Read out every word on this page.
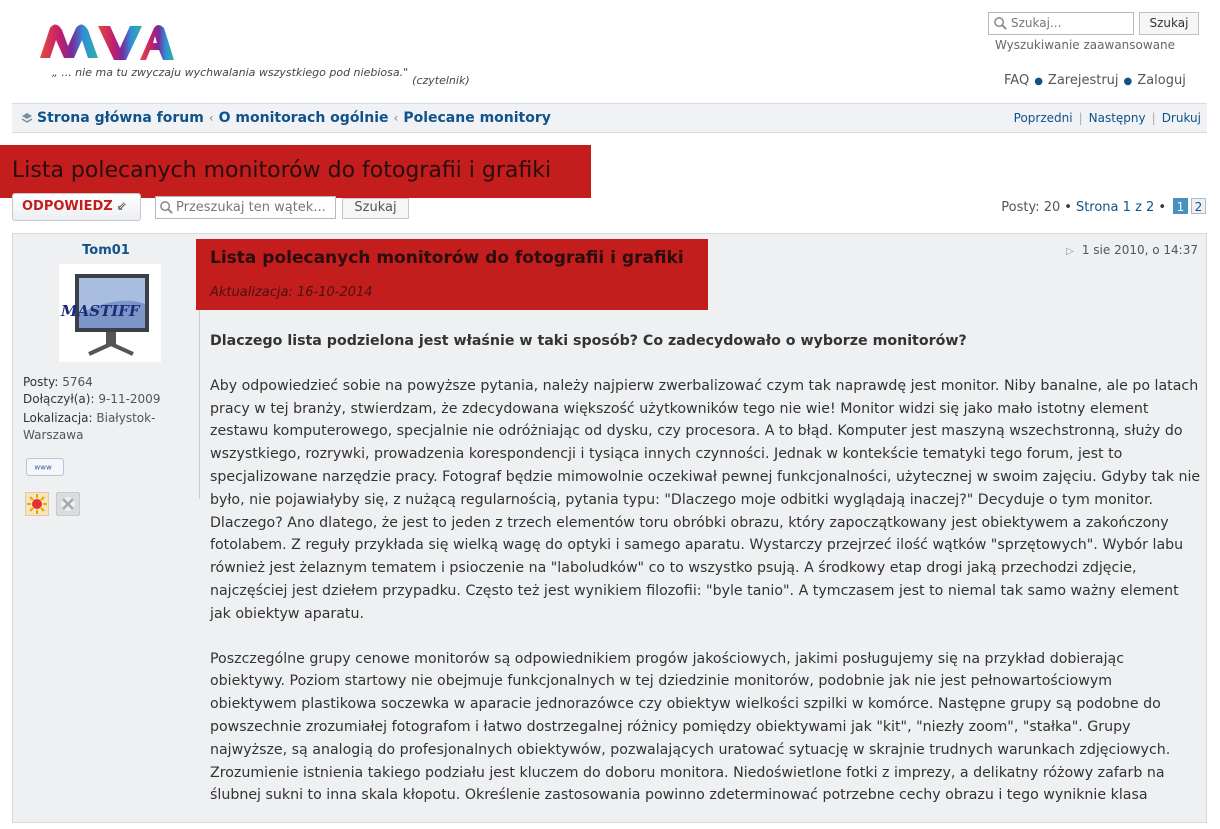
„ ... nie ma tu zwyczaju wychwalania wszystkiego pod niebiosa."(czytelnik)
Szukaj...	Szukaj
Wyszukiwanie zaawansowane
FAQ ● Zarejestruj ● Zaloguj
Strona główna forum ‹ O monitorach ogólnie ‹ Polecane monitory	Poprzedni | Następny | Drukuj
Lista polecanych monitorów do fotografii i grafiki
ODPOWIEDZ ⇙	Przeszukaj ten wątek...	Szukaj	Posty: 20 • Strona 1 z 2 • 1 2
Tom01
MASTIFF
Posty: 5764
Dołączył(a): 9-11-2009
Lokalizacja: Białystok-
Warszawa
www

Lista polecanych monitorów do fotografii i grafiki
Aktualizacja: 16-10-2014
▷ 1 sie 2010, o 14:37
Dlaczego lista podzielona jest właśnie w taki sposób? Co zadecydowało o wyborze monitorów?

Aby odpowiedzieć sobie na powyższe pytania, należy najpierw zwerbalizować czym tak naprawdę jest monitor. Niby banalne, ale po latach pracy w tej branży, stwierdzam, że zdecydowana większość użytkowników tego nie wie! Monitor widzi się jako mało istotny element zestawu komputerowego, specjalnie nie odróżniając od dysku, czy procesora. A to błąd. Komputer jest maszyną wszechstronną, służy do wszystkiego, rozrywki, prowadzenia korespondencji i tysiąca innych czynności. Jednak w kontekście tematyki tego forum, jest to specjalizowane narzędzie pracy. Fotograf będzie mimowolnie oczekiwał pewnej funkcjonalności, użytecznej w swoim zajęciu. Gdyby tak nie było, nie pojawiałyby się, z nużącą regularnością, pytania typu: "Dlaczego moje odbitki wyglądają inaczej?" Decyduje o tym monitor. Dlaczego? Ano dlatego, że jest to jeden z trzech elementów toru obróbki obrazu, który zapoczątkowany jest obiektywem a zakończony fotolabem. Z reguły przykłada się wielką wagę do optyki i samego aparatu. Wystarczy przejrzeć ilość wątków "sprzętowych". Wybór labu również jest żelaznym tematem i psioczenie na "laboludków" co to wszystko psują. A środkowy etap drogi jaką przechodzi zdjęcie, najczęściej jest dziełem przypadku. Często też jest wynikiem filozofii: "byle tanio". A tymczasem jest to niemal tak samo ważny element jak obiektyw aparatu.

Poszczególne grupy cenowe monitorów są odpowiednikiem progów jakościowych, jakimi posługujemy się na przykład dobierając obiektywy. Poziom startowy nie obejmuje funkcjonalnych w tej dziedzinie monitorów, podobnie jak nie jest pełnowartościowym obiektywem plastikowa soczewka w aparacie jednorazówce czy obiektyw wielkości szpilki w komórce. Następne grupy są podobne do powszechnie zrozumiałej fotografom i łatwo dostrzegalnej różnicy pomiędzy obiektywami jak "kit", "niezły zoom", "stałka". Grupy najwyższe, są analogią do profesjonalnych obiektywów, pozwalających uratować sytuację w skrajnie trudnych warunkach zdjęciowych. Zrozumienie istnienia takiego podziału jest kluczem do doboru monitora. Niedoświetlone fotki z imprezy, a delikatny różowy zafarb na ślubnej sukni to inna skala kłopotu. Określenie zastosowania powinno zdeterminować potrzebne cechy obrazu i tego wynikniе klasa
